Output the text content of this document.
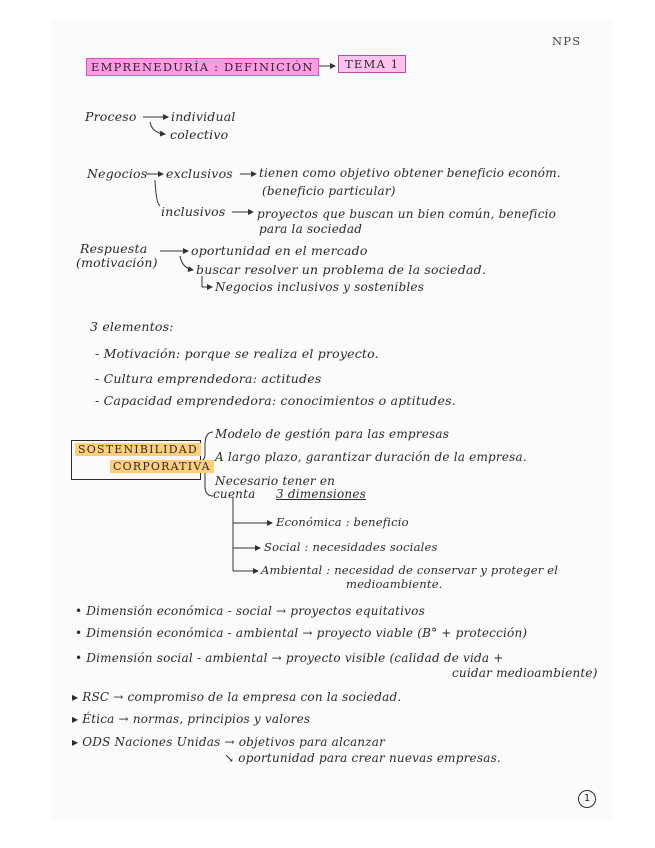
NPS
EMPRENEDURÍA : DEFINICIÓN	TEMA 1
Proceso	individual
colectivo
Negocios exclusivos tienen como objetivo obtener beneficio económ.
(beneficio particular)
inclusivos	proyectos que buscan un bien común, beneficio
para la sociedad
Respuesta
(motivación)
oportunidad en el mercado
buscar resolver un problema de la sociedad.
Negocios inclusivos y sostenibles
3 elementos:
- Motivación: porque se realiza el proyecto.
- Cultura emprendedora: actitudes
- Capacidad emprendedora: conocimientos o aptitudes.
SOSTENIBILIDAD
CORPORATIVA
Modelo de gestión para las empresas
A largo plazo, garantizar duración de la empresa.
Necesario tener en
cuenta 3 dimensiones
Económica : beneficio
Social : necesidades sociales
Ambiental : necesidad de conservar y proteger el
medioambiente.
• Dimensión económica - social → proyectos equitativos
• Dimensión económica - ambiental → proyecto viable (B° + protección)
• Dimensión social - ambiental → proyecto visible (calidad de vida +
cuidar medioambiente)
▸ RSC → compromiso de la empresa con la sociedad.
▸ Ética → normas, principios y valores
▸ ODS Naciones Unidas → objetivos para alcanzar
↘ oportunidad para crear nuevas empresas.
1
